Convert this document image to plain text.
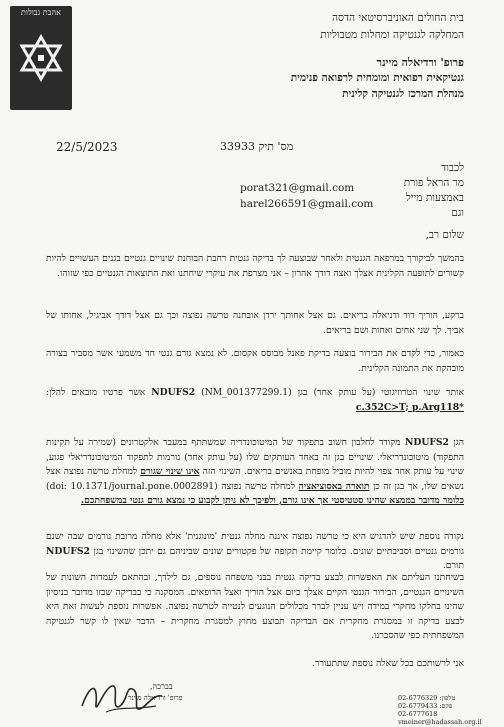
אהבת גבולות	בית החולים האוניברסיטאי הדסה
המחלקה לגנטיקה ומחלות מטבוליות
פרופ' ורדיאלה מיינר
גנטיקאית רפואית ומומחית לרפואה פנימית
מנהלת המרכז לגנטיקה קלינית
22/5/2023	מס' תיק 33933
לכבוד
מר הראל פורת
באמצעות מייל
וגם
porat321@gmail.com
harel266591@gmail.com
שלום רב,
בהמשך לביקורך במרפאה הגנטית ולאחר שבוצעה לך בדיקה גנטית רחבת הבוחנת שינויים גנטיים בגנים העשויים להיות קשורים לתופעה הקלינית אצלך ואצה דודך אהרון – אני מצרפת את עיקרי שיחתנו ואת התוצאות הגנטיים כפי שזוהו.
ברקע, הוריך דוד ודניאלה בריאים. גם אצל אחותך ירדן אובחנה טרשה נפוצה וכך גם אצל דודך אביגיל, אחותו של אביך. לך שני אחים ואחות ושם בריאים.
כאמור, כדי לקדם את הבירור בוצעה בדיקת פאנל מבוסס אקסום. לא נמצא גורם גנטי חד משמעי אשר מסביר בצורה מובהקת את התמונה הקלינית.
אותר שינוי הטרוזיגוטי (על עותק אחד) בגן NDUFS2 (NM_001377299.1) אשר פרטיו מובאים להלן: c.352C>T; p.Arg118*
הגן NDUFS2 מקודד לחלבון חשוב בתפקוד של המיטוכונדריה שמשתתף במעבר אלקטרונים (שמירה על תקינות התפקוד) מיטוכונדריאלי. שינויים בגן זה באחד העותקים שלו (על עותק אחד) גורמות לתפקוד המיטוכונדריאלי פגוע, שינוי על עותק אחד צפוי להיות מוביל מופחת באנשים בריאים. השינוי הזה אינו שינוי שגורם למחלת טרשה נפוצה אצל נשאים שלו, אך בגן זה כן תוארה באסוציאציה למחלה טרשה נפוצה (doi: 10.1371/journal.pone.0002891) כלומר מדובר בממצא שהינו סטטיסטי אך אינו גורם, ולפיכך לא ניתן לקבוע כי נמצא גורם גנטי במשפחתכם.
נקודה נוספת שיש להדגיש היא כי טרשה נפוצה איננה מחלה גנטית 'מונוגנית' אלא מחלה מרובת גורמים שבה ישנם גורמים גנטיים וסביבתיים שונים. כלומר קיימת תקופה של פקטורים שונים שביניהם גם יתכן שהשינוי בגן NDUFS2 תורם.
בשיחתנו העליתם את האפשרות לבצע בדיקה גנטית בבני משפחה נוספים, גם לילדך, ובהתאם לעמדות השונות של השינויים הגנטיים, הבירור הגנטי הקיים אצלך כיום אצל הוריך ואצל הרופאים. המסקנה כי בבדיקה שכזו מדובר בניסיון שהינו בחלקו מחקרי במידה ויש עניין לברר מכלולים הנוגעים לנטייה לטרשה נפוצה. אפשרות נוספת לעשות זאת היא לבצע בדיקה זו במסגרת מחקרית אם הבדיקה תבוצע מחוץ למסגרת מחקרית – הדבר שאין לו קשר לגנטיקה המשפחתית כפי שהסברנו.
אני לרשותכם בכל שאלה נוספת שתתעורר.
בברכה,
פרופ' ורדיאלה מיינר	טלפון: 02-6776329
פקס: 02-6779433
02-6777618
vmeiner@hadassah.org.il
